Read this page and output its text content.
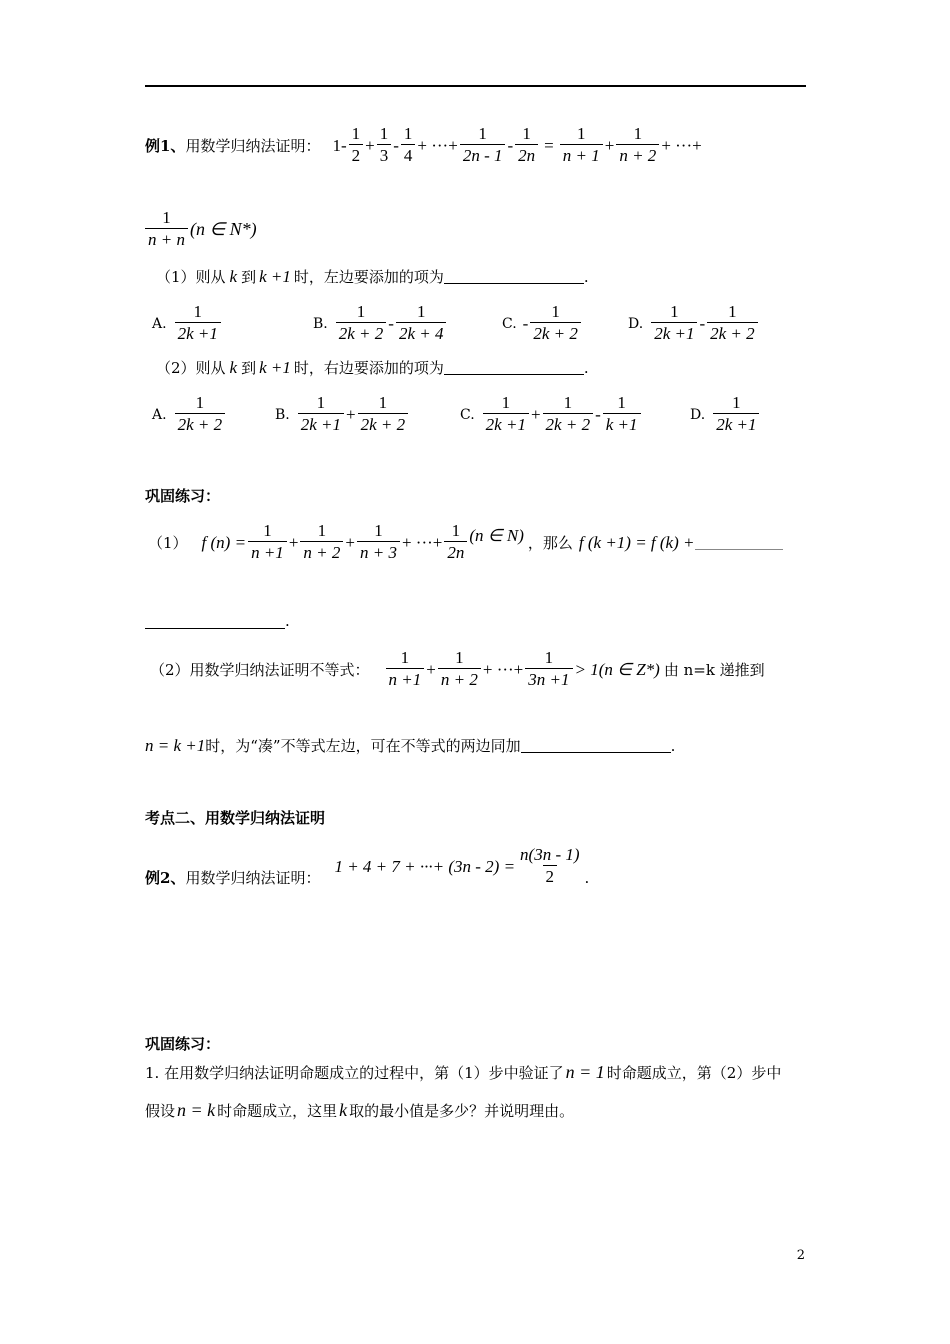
例1、 用数学归纳法证明： $1- \frac{1}{2} + \frac{1}{3} - \frac{1}{4}$ + ···+ $\frac{1}{2n - 1} - \frac{1}{2n} = \frac{1}{n + 1} + \frac{1}{n + 2}$ + ···+
$\frac{1}{n + n} (n$ ∈ N*)
（1）则从 k 到 k +1 时，左边要添加的项为	.
A. $\frac{1}{2k +1}$	B. $\frac{1}{2k + 2} - \frac{1}{2k + 4}$	C. - $\frac{1}{2k + 2}$	D. $\frac{1}{2k +1} - \frac{1}{2k + 2}$
（2）则从 k 到 k +1 时，右边要添加的项为	.
A. $\frac{1}{2k + 2}$	B. $\frac{1}{2k +1} + \frac{1}{2k + 2}$	C. $\frac{1}{2k +1} + \frac{1}{2k + 2} - \frac{1}{k +1}$	D. $\frac{1}{2k +1}$
巩固练习：
（1） f $(n) = \frac{1}{n +1} + \frac{1}{n + 2} + \frac{1}{n + 3}$ + ···+ $\frac{1}{2n} (n$ ∈ N) ，那么 f (k +1) = f (k) +
.
（2）用数学归纳法证明不等式： $\frac{1}{n +1} + \frac{1}{n + 2}$ + ···+ $\frac{1}{3n +1} > 1(n$ ∈ Z*) 由 n=k 递推到
n = k +1 时，为“凑”不等式左边，可在不等式的两边同加	.
考点二、用数学归纳法证明
例2、 用数学归纳法证明：
1 + 4 + 7 + ···+ $(3n - 2) = \frac{n(3n - 1)}{2}$ .
巩固练习：
1. 在用数学归纳法证明命题成立的过程中，第（1）步中验证了 n = 1 时命题成立，第（2）步中
假设 n = k 时命题成立，这里 k 取的最小值是多少？并说明理由。
2
